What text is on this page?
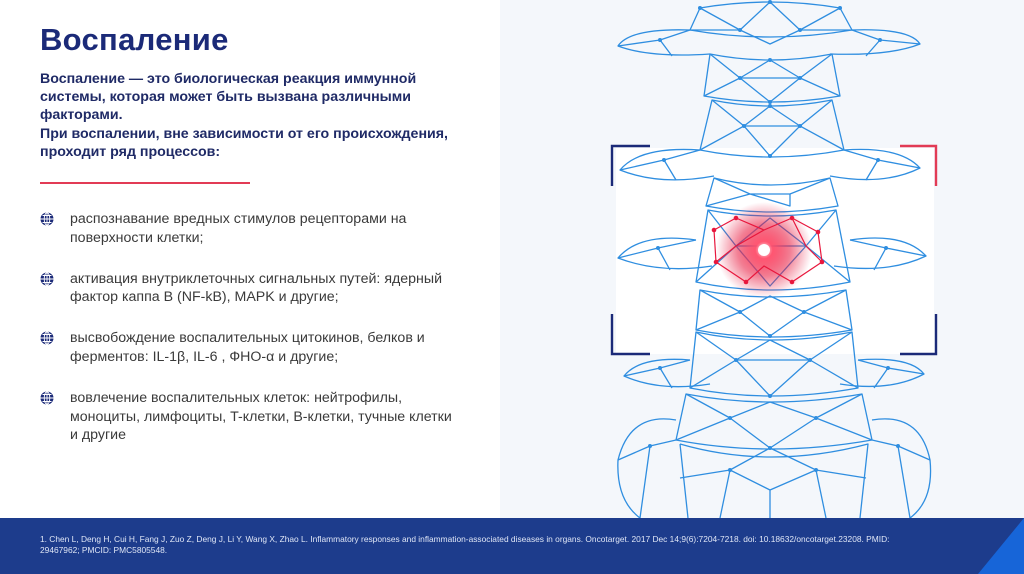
Воспаление

Воспаление — это биологическая реакция иммунной системы, которая может быть вызвана различными факторами.

При воспалении, вне зависимости от его происхождения, проходит ряд процессов:

распознавание вредных стимулов рецепторами на поверхности клетки;
активация внутриклеточных сигнальных путей: ядерный фактор каппа B (NF-kB), MAPK и другие;
высвобождение воспалительных цитокинов, белков и ферментов: IL-1β, IL-6 , ФНО-α и другие;
вовлечение воспалительных клеток: нейтрофилы, моноциты, лимфоциты, T-клетки, B-клетки, тучные клетки и другие
1. Chen L, Deng H, Cui H, Fang J, Zuo Z, Deng J, Li Y, Wang X, Zhao L. Inflammatory responses and inflammation-associated diseases in organs. Oncotarget. 2017 Dec 14;9(6):7204-7218. doi: 10.18632/oncotarget.23208. PMID: 29467962; PMCID: PMC5805548.
